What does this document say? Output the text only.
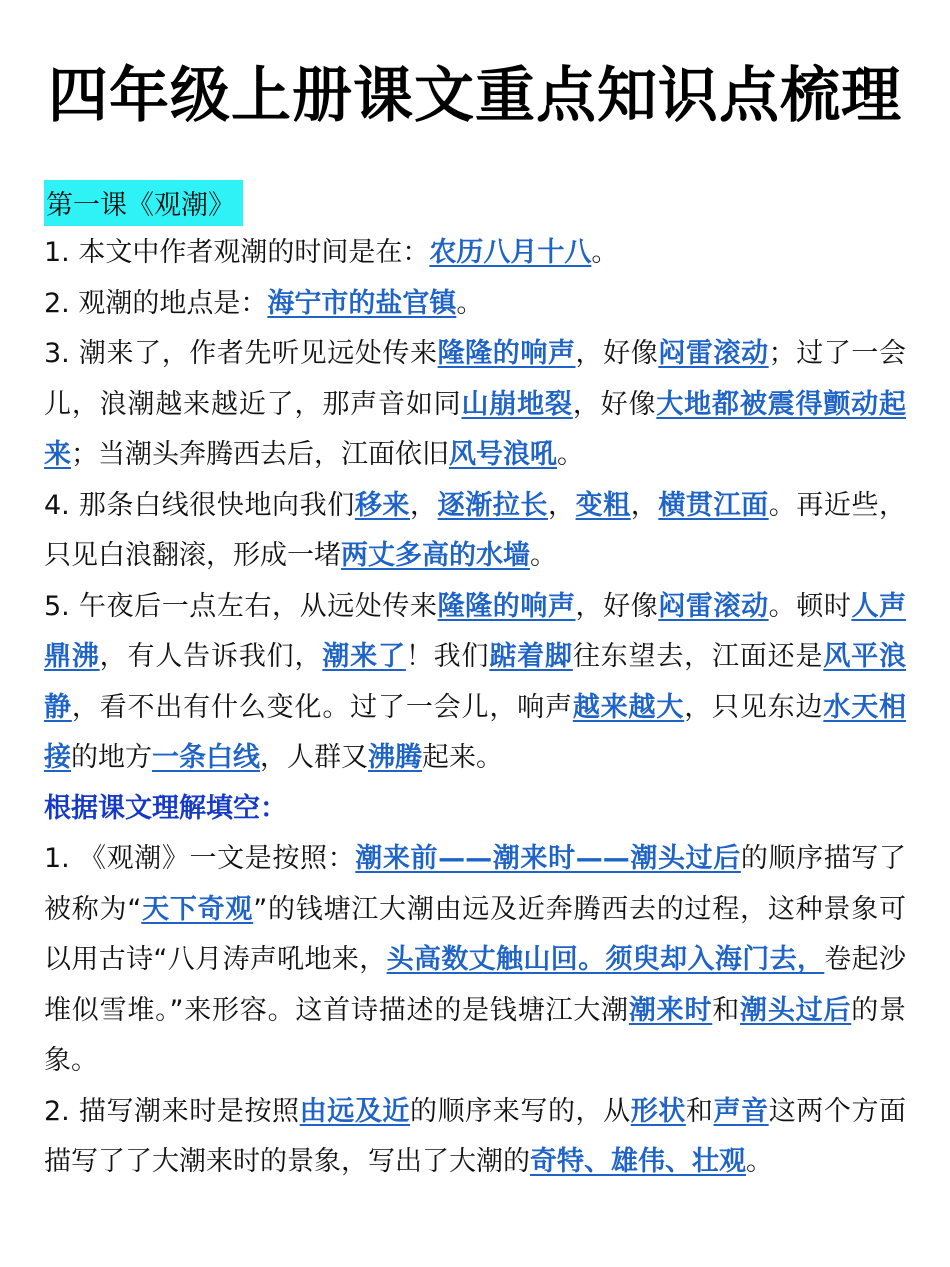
四年级上册课文重点知识点梳理
第一课《观潮》

1. 本文中作者观潮的时间是在：农历八月十八。

2. 观潮的地点是：海宁市的盐官镇。

3. 潮来了，作者先听见远处传来隆隆的响声，好像闷雷滚动；过了一会儿，浪潮越来越近了，那声音如同山崩地裂，好像大地都被震得颤动起来；当潮头奔腾西去后，江面依旧风号浪吼。

4. 那条白线很快地向我们移来，逐渐拉长，变粗，横贯江面。再近些，只见白浪翻滚，形成一堵两丈多高的水墙。

5. 午夜后一点左右，从远处传来隆隆的响声，好像闷雷滚动。顿时人声鼎沸，有人告诉我们，潮来了！我们踮着脚往东望去，江面还是风平浪静，看不出有什么变化。过了一会儿，响声越来越大，只见东边水天相接的地方一条白线，人群又沸腾起来。

根据课文理解填空：

1. 《观潮》一文是按照：潮来前——潮来时——潮头过后的顺序描写了被称为“天下奇观”的钱塘江大潮由远及近奔腾西去的过程，这种景象可以用古诗“八月涛声吼地来，头高数丈触山回。须臾却入海门去，卷起沙堆似雪堆。”来形容。这首诗描述的是钱塘江大潮潮来时和潮头过后的景象。

2. 描写潮来时是按照由远及近的顺序来写的，从形状和声音这两个方面描写了了大潮来时的景象，写出了大潮的奇特、雄伟、壮观。
